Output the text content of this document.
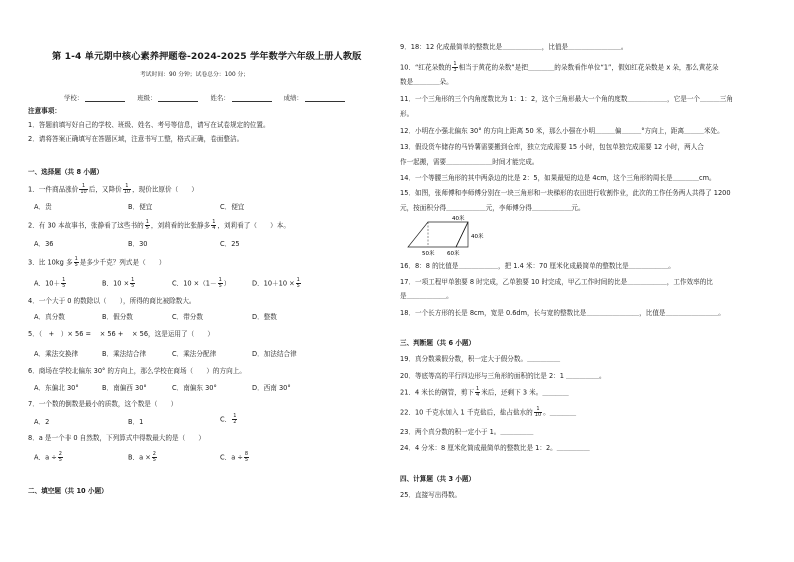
第 1-4 单元期中核心素养押题卷-2024-2025 学年数学六年级上册人教版
考试时间：90 分钟；试卷总分：100 分；
学校：	班级：	姓名：	成绩：
注意事项：
1．答题前填写好自己的学校、班级、姓名、考号等信息，请写在试卷规定的位置。
2．请将答案正确填写在答题区域，注意书写工整，格式正确，卷面整洁。
一、选择题（共 8 小题）
1．一件商品涨价 $\frac{1}{10}$ 后，又降价 $\frac{1}{10}$ ，现价比原价（　　）
A．贵	B．便宜	C．便宜
2．有 30 本故事书，张静看了这些书的 $\frac{1}{5}$ ，刘莉看的比张静多 $\frac{1}{4}$ ，刘莉看了（　　）本。
A．36	B．30	C．25
3．比 10kg 多 $\frac{1}{5}$ 是多少千克？列式是（　　）
A．$10+ \frac{1}{5}$	B．$10 \times \frac{1}{5}$	C．$10 \times(1- \frac{1}{5}$ ）	D．$10+10 \times \frac{1}{5}$
4．一个大于 0 的数除以（　　），所得的商比被除数大。
A．真分数	B．假分数	C．带分数	D．整数
5．（　+　）× 56 = 　× 56 + 　× 56，这是运用了（　　）
A．乘法交换律	B．乘法结合律	C．乘法分配律	D．加法结合律
6．商场在学校北偏东 30° 的方向上，那么学校在商场（　　）的方向上。
A．东偏北 30°	B．南偏西 30°	C．南偏东 30°	D．西南 30°
7．一个数的倒数是最小的质数，这个数是（　　）
A．2	B．1	C． $\frac{1}{2}$
8．a 是一个非 0 自然数，下列算式中得数最大的是（　　）
A．$a \div \frac{2}{5}$	B．$a \times \frac{2}{5}$	C．$a \div \frac{8}{5}$
二、填空题（共 10 小题）
9．18：12 化成最简单的整数比是＿＿＿＿＿＿，比值是＿＿＿＿＿＿＿＿。
10．“红花朵数的 $\frac{1}{3}$ 相当于黄花的朵数”是把＿＿＿＿的朵数看作单位“1”，假如红花朵数是 x 朵，那么黄花朵
数是＿＿＿＿朵。
11．一个三角形的三个内角度数比为 1：1：2，这个三角形最大一个角的度数＿＿＿＿＿＿，它是一个＿＿＿三角
形。
12．小明在小强北偏东 30° 的方向上距离 50 米，那么小强在小明＿＿＿偏＿＿＿°方向上，距离＿＿＿米处。
13．假设货车储存的马铃薯需要搬到仓库，独立完成需要 15 小时，包包单独完成需要 12 小时，两人合
作一起搬，需要＿＿＿＿＿＿＿时间才能完成。
14．一个等腰三角形的其中两条边的比是 2：5，如果最短的边是 4cm，这个三角形的周长是＿＿＿＿cm。
15．如图，张师傅和李师傅分别在一块三角形和一块梯形的农田进行收割作业，此次的工作任务两人共得了 1200
元，按面积分得＿＿＿＿＿＿元，李师傅分得＿＿＿＿＿＿元。
40米
40米
50米 60米
16．8：8 的比值是＿＿＿＿＿＿，把 1.4 米：70 厘米化成最简单的整数比是＿＿＿＿＿＿。
17．一项工程甲单独要 8 时完成，乙单独要 10 时完成，甲乙工作时间的比是＿＿＿＿＿＿，工作效率的比
是＿＿＿＿＿＿。
18．一个长方形的长是 8cm，宽是 0.6dm，长与宽的整数比是＿＿＿＿＿＿＿＿，比值是＿＿＿＿＿＿＿＿。
三、判断题（共 6 小题）
19．真分数乘假分数，积一定大于假分数。＿＿＿＿＿
20．等底等高的平行四边形与三角形的面积的比是 2：1 ＿＿＿＿＿。
21．4 米长的钢管，剪下 $\frac{1}{4}$ 米后，还剩下 3 米。＿＿＿＿
22．10 千克水加入 1 千克盐后，盐占盐水的 $\frac{1}{10}$ 。＿＿＿＿
23．两个真分数的积一定小于 1。＿＿＿＿＿
24．4 分米：8 厘米化简成最简单的整数比是 1：2。＿＿＿＿＿
四、计算题（共 3 小题）
25．直接写出得数。
